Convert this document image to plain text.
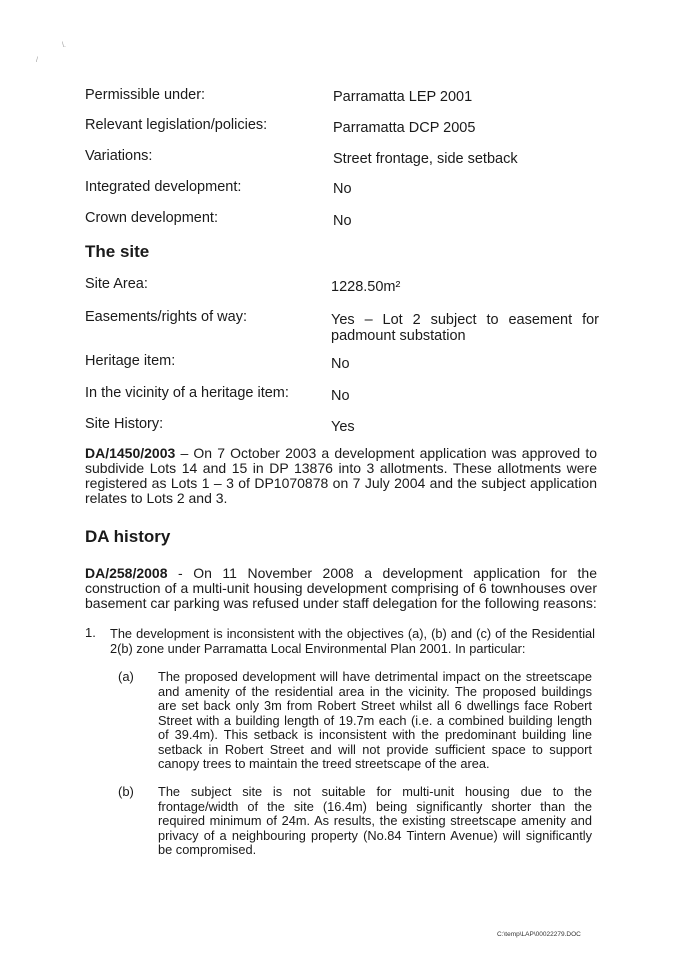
\.
/
Permissible under:	Parramatta LEP 2001
Relevant legislation/policies:	Parramatta DCP 2005
Variations:	Street frontage, side setback
Integrated development:	No
Crown development:	No
The site
Site Area:	1228.50m²
Easements/rights of way:	Yes – Lot 2 subject to easement for padmount substation
Heritage item:	No
In the vicinity of a heritage item:	No
Site History:	Yes

DA/1450/2003 – On 7 October 2003 a development application was approved to subdivide Lots 14 and 15 in DP 13876 into 3 allotments. These allotments were registered as Lots 1 – 3 of DP1070878 on 7 July 2004 and the subject application relates to Lots 2 and 3.

DA history

DA/258/2008 - On 11 November 2008 a development application for the construction of a multi-unit housing development comprising of 6 townhouses over basement car parking was refused under staff delegation for the following reasons:

1. The development is inconsistent with the objectives (a), (b) and (c) of the Residential 2(b) zone under Parramatta Local Environmental Plan 2001. In particular:

(a) The proposed development will have detrimental impact on the streetscape and amenity of the residential area in the vicinity. The proposed buildings are set back only 3m from Robert Street whilst all 6 dwellings face Robert Street with a building length of 19.7m each (i.e. a combined building length of 39.4m). This setback is inconsistent with the predominant building line setback in Robert Street and will not provide sufficient space to support canopy trees to maintain the treed streetscape of the area.

(b) The subject site is not suitable for multi-unit housing due to the frontage/width of the site (16.4m) being significantly shorter than the required minimum of 24m. As results, the existing streetscape amenity and privacy of a neighbouring property (No.84 Tintern Avenue) will significantly be compromised.

C:\temp\LAP\00022279.DOC
